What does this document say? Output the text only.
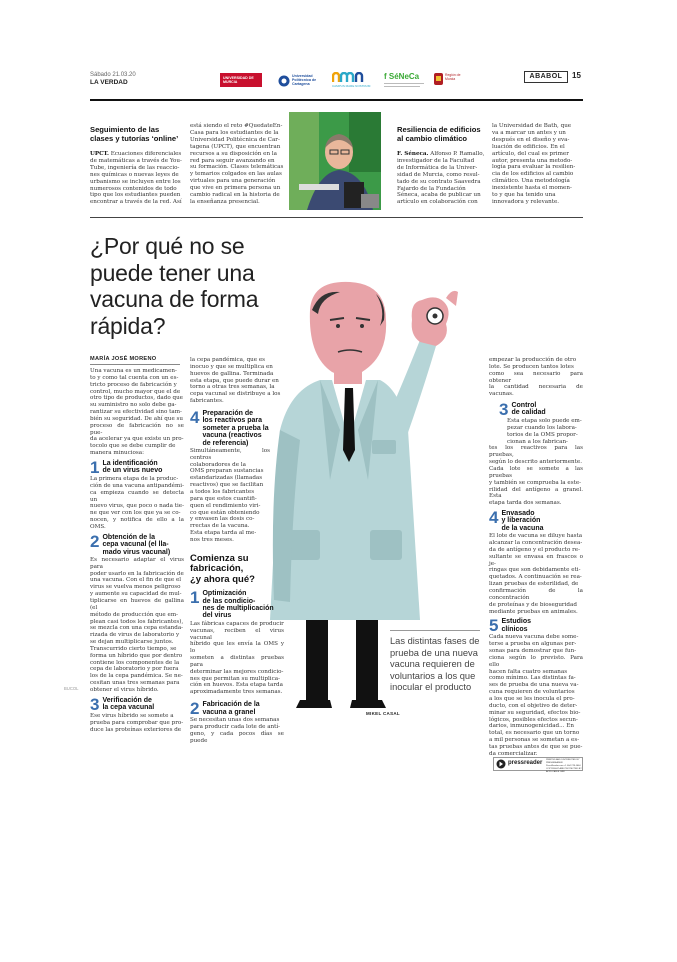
Sábado 21.03.20
LA VERDAD
UNIVERSIDAD DE MURCIA
Universidad Politécnica de Cartagena	CAMPUS MARE NOSTRUM
f SéNeCa	Región de Murcia	ABABOL	15
Seguimiento de las
clases y tutorías ‘online’
UPCT. Ecuaciones diferenciales
de matemáticas a través de You-
Tube, ingeniería de las reaccio-
nes químicas o nuevas leyes de
urbanismo se incluyen entre los
numerosos contenidos de todo
tipo que los estudiantes pueden
encontrar a través de la red. Así
está siendo el reto #QuedateEn-
Casa para los estudiantes de la
Universidad Politécnica de Car-
tagena (UPCT), que encuentran
recursos a su disposición en la
red para seguir avanzando en
su formación. Clases telemáticas
y temarios colgados en las aulas
virtuales para una generación
que vive en primera persona un
cambio radical en la historia de
la enseñanza presencial.
Resiliencia de edificios
al cambio climático
F. Séneca. Alfonso P. Ramallo,
investigador de la Facultad
de Informática de la Univer-
sidad de Murcia, como resul-
tado de su contrato Saavedra
Fajardo de la Fundación
Séneca, acaba de publicar un
artículo en colaboración con
la Universidad de Bath, que
va a marcar un antes y un
después en el diseño y eva-
luación de edificios. En el
artículo, del cual es primer
autor, presenta una metodo-
logía para evaluar la resilien-
cia de los edificios al cambio
climático. Una metodología
inexistente hasta el momen-
to y que ha tenido una
innovadora y relevante.
MIKEL CASAL
¿Por qué no se
puede tener una
vacuna de forma
rápida?
MARÍA JOSÉ MORENO
Una vacuna es un medicamen-
to y como tal cuenta con un es-
tricto proceso de fabricación y
control, mucho mayor que el de
otro tipo de productos, dado que
su suministro no solo debe ga-
rantizar su efectividad sino tam-
bién su seguridad. De ahí que su
proceso de fabricación no se pue-
da acelerar ya que existe un pro-
tocolo que se debe cumplir de
manera minuciosa:
1 La identificación
de un virus nuevo
La primera etapa de la produc-
ción de una vacuna antipandémi-
ca empieza cuando se detecta un
nuevo virus, que poco o nada tie-
ne que ver con los que ya se co-
nocen, y notifica de ello a la OMS.
2 Obtención de la
cepa vacunal (el lla-
mado virus vacunal)
Es necesario adaptar el virus para
poder usarlo en la fabricación de
una vacuna. Con el fin de que el
virus se vuelva menos peligroso
y aumente su capacidad de mul-
tiplicarse en huevos de gallina (el
método de producción que em-
plean casi todos los fabricantes),
se mezcla con una cepa estanda-
rizada de virus de laboratorio y
se dejan multiplicarse juntos.
Transcurrido cierto tiempo, se
forma un híbrido que por dentro
contiene los componentes de la
cepa de laboratorio y por fuera
los de la cepa pandémica. Se ne-
cesitan unas tres semanas para
obtener el virus híbrido.
3 Verificación de
la cepa vacunal
Ese virus híbrido se somete a
prueba para comprobar que pro-
duce las proteínas exteriores de
BUCOL
la cepa pandémica, que es
inocuo y que se multiplica en
huevos de gallina. Terminada
esta etapa, que puede durar en
torno a otras tres semanas, la
cepa vacunal se distribuye a los
fabricantes.
4 Preparación de
los reactivos para
someter a prueba la
vacuna (reactivos
de referencia)
Simultáneamente, los centros
colaboradores de la
OMS preparan sustancias
estandarizadas (llamadas
reactivos) que se facilitan
a todos los fabricantes
para que estos cuantifi-
quen el rendimiento viri-
co que están obteniendo
y envasen las dosis co-
rrectas de la vacuna.
Esta etapa tarda al me-
nos tres meses.
Comienza su
fabricación,
¿y ahora qué?
1 Optimización
de las condicio-
nes de multiplicación
del virus
Las fábricas capaces de producir
vacunas, reciben el virus vacunal
híbrido que les envía la OMS y lo
someten a distintas pruebas para
determinar las mejores condicio-
nes que permitan su multiplica-
ción en huevos. Esta etapa tarda
aproximadamente tres semanas.
2 Fabricación de la
vacuna a granel
Se necesitan unas dos semanas
para producir cada lote de antí-
geno, y cada pocos días se puede
Las distintas fases de
prueba de una nueva
vacuna requieren de
voluntarios a los que
inocular el producto
empezar la producción de otro
lote. Se producen tantos lotes
como sea necesario para obtener
la cantidad necesaria de vacunas.
3 Control
de calidad
Esta etapa solo puede em-
pezar cuando los labora-
torios de la OMS propor-
cionan a los fabrican-
tes los reactivos para las pruebas,
según lo descrito anteriormente.
Cada lote se somete a las pruebas
y también se comprueba la este-
rilidad del antígeno a granel. Esta
etapa tarda dos semanas.
4 Envasado
y liberación
de la vacuna
El lote de vacuna se diluye hasta
alcanzar la concentración desea-
da de antígeno y el producto re-
sultante se envasa en frascos o je-
ringas que son debidamente eti-
quetados. A continuación se rea-
lizan pruebas de esterilidad, de
confirmación de la concentración
de proteínas y de bioseguridad
mediante pruebas en animales.
5 Estudios
clínicos
Cada nueva vacuna debe some-
terse a prueba en algunas per-
sonas para demostrar que fun-
ciona según lo previsto. Para ello
hacen falta cuatro semanas
como mínimo. Las distintas fa-
ses de prueba de una nueva va-
cuna requieren de voluntarios
a los que se les inocula el pro-
ducto, con el objetivo de deter-
minar su seguridad, efectos bio-
lógicos, posibles efectos secun-
darios, inmunogenicidad... En
total, es necesario que un torno
a mil personas se sometan a es-
tas pruebas antes de que se pue-
da comercializar.
pressreader PRINTED AND DISTRIBUTED BY PRESSREADER
PressReader.com +1 604 278 4604
COPYRIGHT AND PROTECTED BY APPLICABLE LAW
